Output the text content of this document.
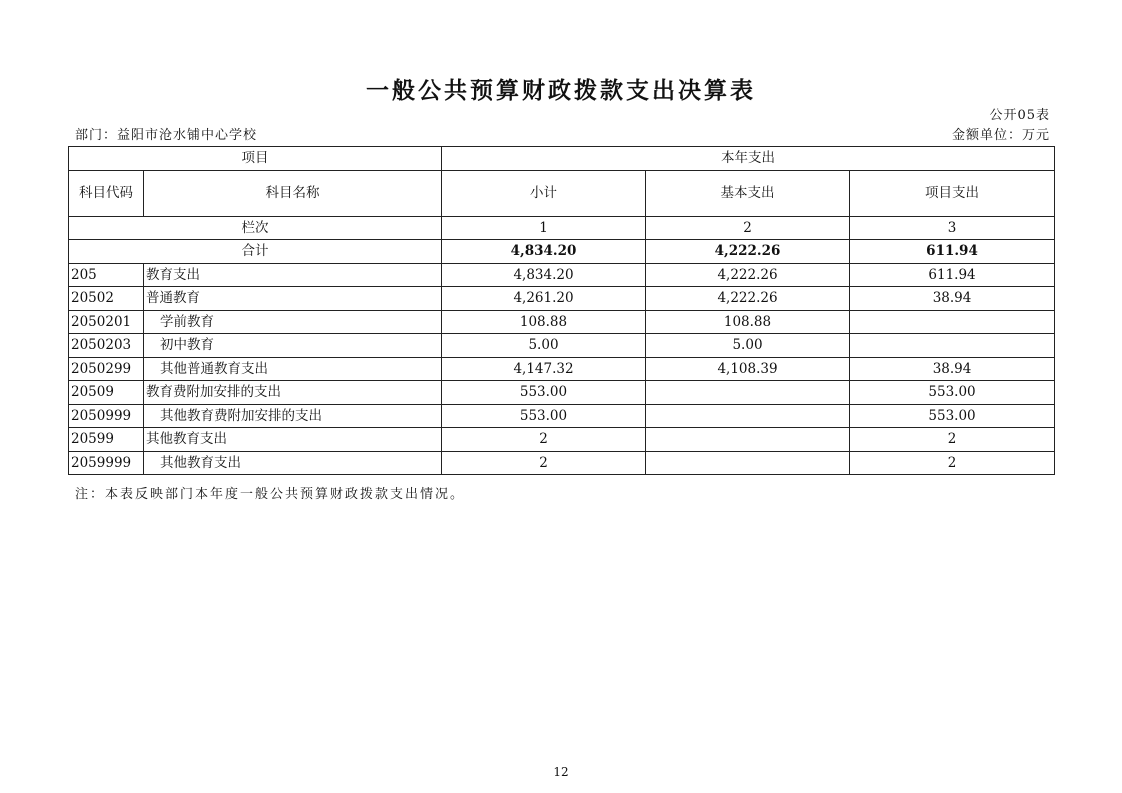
一般公共预算财政拨款支出决算表
公开05表
部门：益阳市沧水铺中心学校	金额单位：万元
项目		本年支出		
科目代码	科目名称	小计	基本支出	项目支出
栏次		1	2	3
合计		4,834.20	4,222.26	611.94
205	教育支出	4,834.20	4,222.26	611.94
20502	普通教育	4,261.20	4,222.26	38.94
2050201	学前教育	108.88	108.88	
2050203	初中教育	5.00	5.00	
2050299	其他普通教育支出	4,147.32	4,108.39	38.94
20509	教育费附加安排的支出	553.00		553.00
2050999	其他教育费附加安排的支出	553.00		553.00
20599	其他教育支出	2		2
2059999	其他教育支出	2		2
注：本表反映部门本年度一般公共预算财政拨款支出情况。
12
